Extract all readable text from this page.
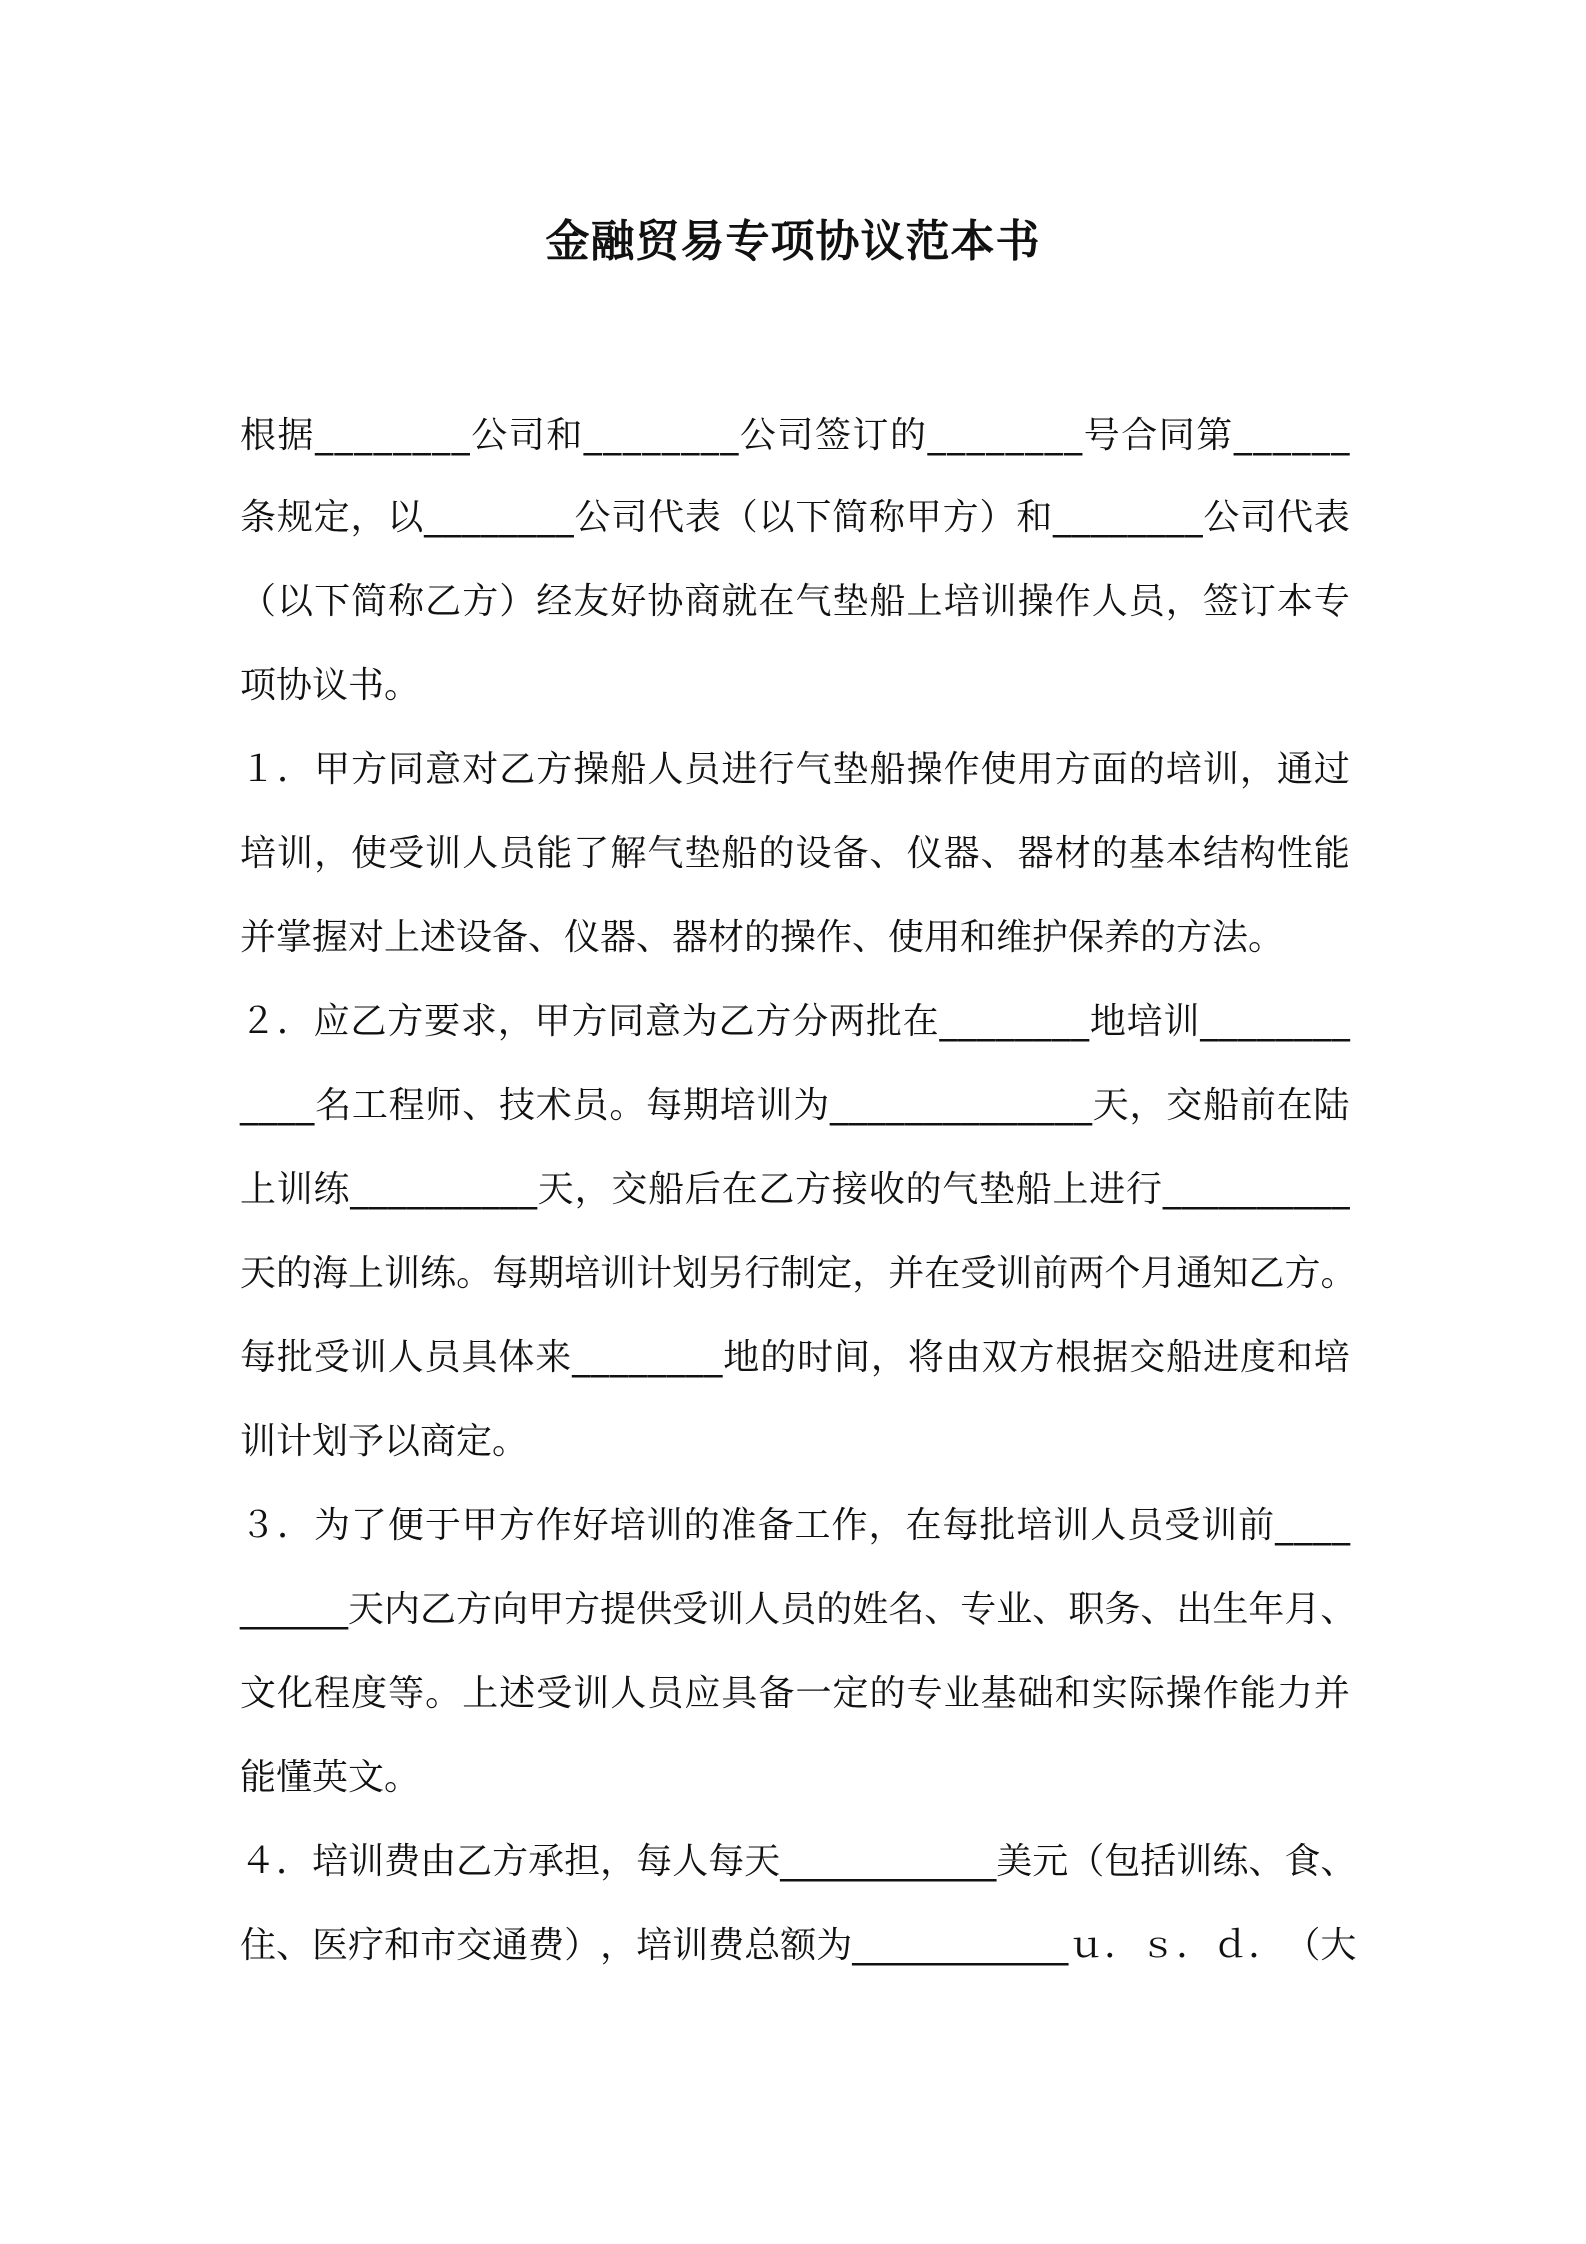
金融贸易专项协议范本书
根 据 _ _ _ _ _ _ _ _ 公 司 和 _ _ _ _ _ _ _ _ 公 司 签 订 的 _ _ _ _ _ _ _ _ 号 合 同 第 _ _ _ _ _ _
条 规 定 ， 以 _ _ _ _ _ _ _ _ 公 司 代 表 （ 以 下 简 称 甲 方 ） 和 _ _ _ _ _ _ _ _ 公 司 代 表
（ 以 下 简 称 乙 方 ） 经 友 好 协 商 就 在 气 垫 船 上 培 训 操 作 人 员 ， 签 订 本 专
项协议书。
１ ． 甲 方 同 意 对 乙 方 操 船 人 员 进 行 气 垫 船 操 作 使 用 方 面 的 培 训 ， 通 过
培 训 ， 使 受 训 人 员 能 了 解 气 垫 船 的 设 备 、 仪 器 、 器 材 的 基 本 结 构 性 能
并掌握对上述设备、仪器、器材的操作、使用和维护保养的方法。
２ ． 应 乙 方 要 求 ， 甲 方 同 意 为 乙 方 分 两 批 在 _ _ _ _ _ _ _ _ 地 培 训 _ _ _ _ _ _ _ _
_ _ _ _ 名 工 程 师 、 技 术 员 。 每 期 培 训 为 _ _ _ _ _ _ _ _ _ _ _ _ _ _ 天 ， 交 船 前 在 陆
上 训 练 _ _ _ _ _ _ _ _ _ _ 天 ， 交 船 后 在 乙 方 接 收 的 气 垫 船 上 进 行 _ _ _ _ _ _ _ _ _ _
天 的 海 上 训 练 。 每 期 培 训 计 划 另 行 制 定 ， 并 在 受 训 前 两 个 月 通 知 乙 方 。
每 批 受 训 人 员 具 体 来 _ _ _ _ _ _ _ _ 地 的 时 间 ， 将 由 双 方 根 据 交 船 进 度 和 培
训计划予以商定。
３ ． 为 了 便 于 甲 方 作 好 培 训 的 准 备 工 作 ， 在 每 批 培 训 人 员 受 训 前 _ _ _ _
_ _ _ _ _ _ 天 内 乙 方 向 甲 方 提 供 受 训 人 员 的 姓 名 、 专 业 、 职 务 、 出 生 年 月 、
文 化 程 度 等 。 上 述 受 训 人 员 应 具 备 一 定 的 专 业 基 础 和 实 际 操 作 能 力 并
能懂英文。
４ ． 培 训 费 由 乙 方 承 担 ， 每 人 每 天 _ _ _ _ _ _ _ _ _ _ _ _ 美 元 （ 包 括 训 练 、 食 、
住 、 医 疗 和 市 交 通 费 ） ， 培 训 费 总 额 为 _ _ _ _ _ _ _ _ _ _ _ _ ｕ ． ｓ ． ｄ ． （ 大
